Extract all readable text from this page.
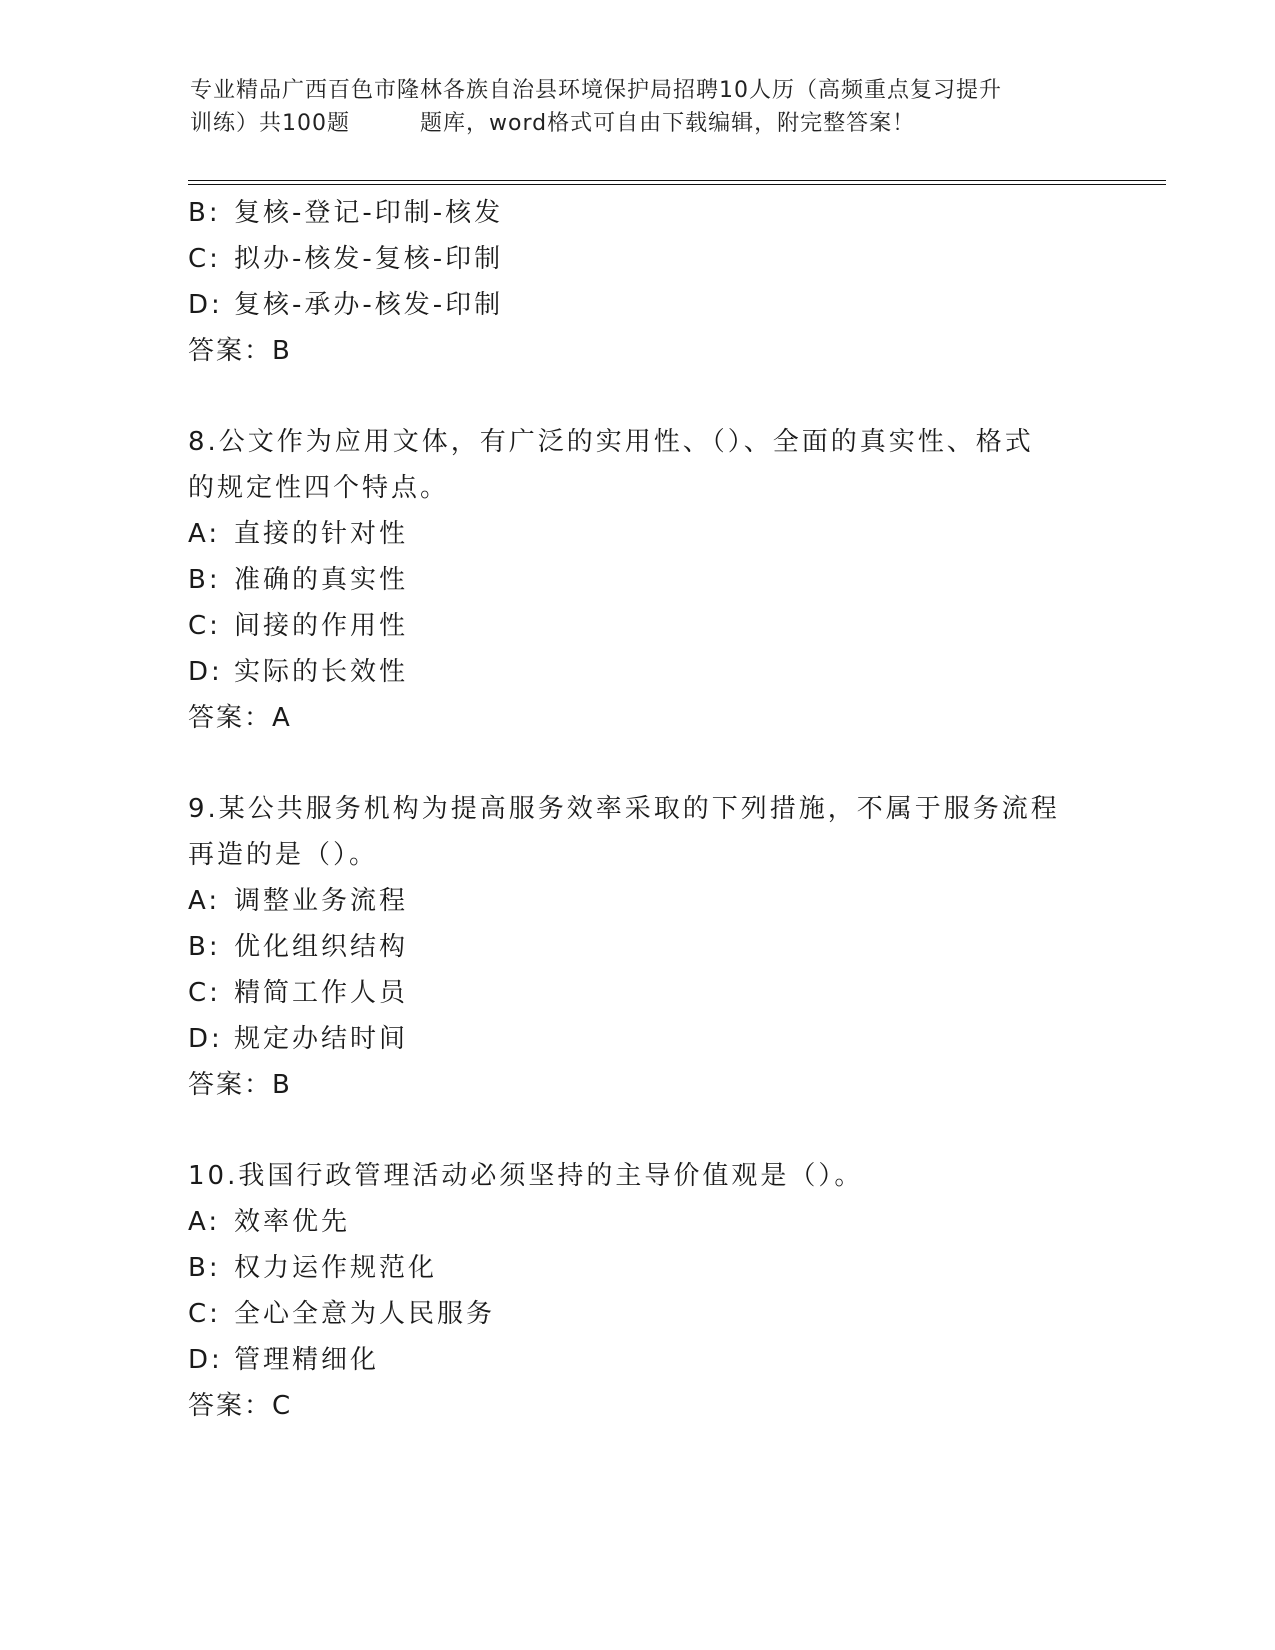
专业精品广西百色市隆林各族自治县环境保护局招聘10人历（高频重点复习提升
训练）共100题	题库，word格式可自由下载编辑，附完整答案！
B: 复核-登记-印制-核发
C: 拟办-核发-复核-印制
D: 复核-承办-核发-印制
答案：B
8.公文作为应用文体，有广泛的实用性、（）、全面的真实性、格式
的规定性四个特点。
A: 直接的针对性
B: 准确的真实性
C: 间接的作用性
D: 实际的长效性
答案：A
9.某公共服务机构为提高服务效率采取的下列措施，不属于服务流程
再造的是（）。
A: 调整业务流程
B: 优化组织结构
C: 精简工作人员
D: 规定办结时间
答案：B
10.我国行政管理活动必须坚持的主导价值观是（）。
A: 效率优先
B: 权力运作规范化
C: 全心全意为人民服务
D: 管理精细化
答案：C
